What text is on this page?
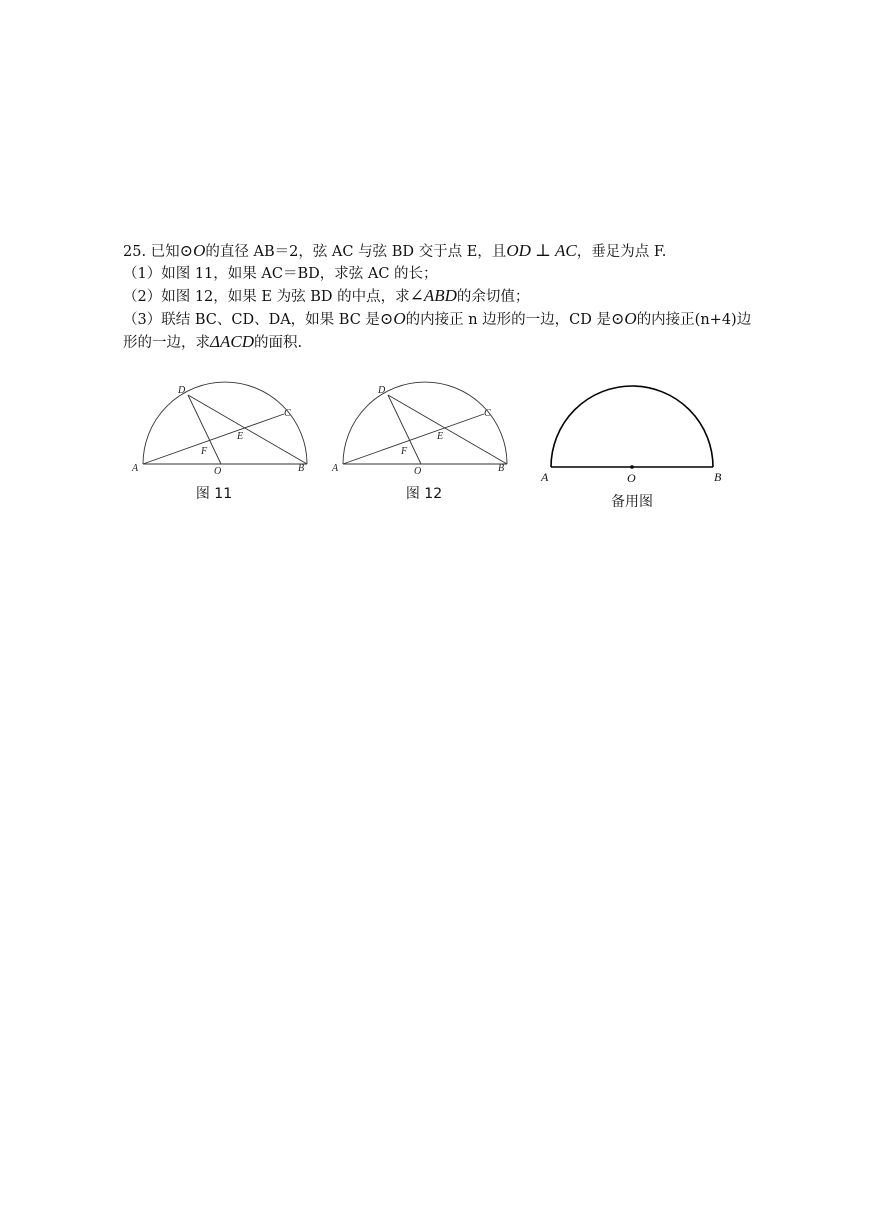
25. 已知⊙O的直径 AB＝2，弦 AC 与弦 BD 交于点 E，且OD ⊥ AC，垂足为点 F.
（1）如图 11，如果 AC＝BD，求弦 AC 的长；
（2）如图 12，如果 E 为弦 BD 的中点，求∠ABD的余切值；
（3）联结 BC、CD、DA，如果 BC 是⊙O的内接正 n 边形的一边，CD 是⊙O的内接正(n+4)边
形的一边，求ΔACD的面积.
A	B
C
D
E
F
O
图 11
A	B
C
D
E
F
O
图 12
A	B
O
备用图
